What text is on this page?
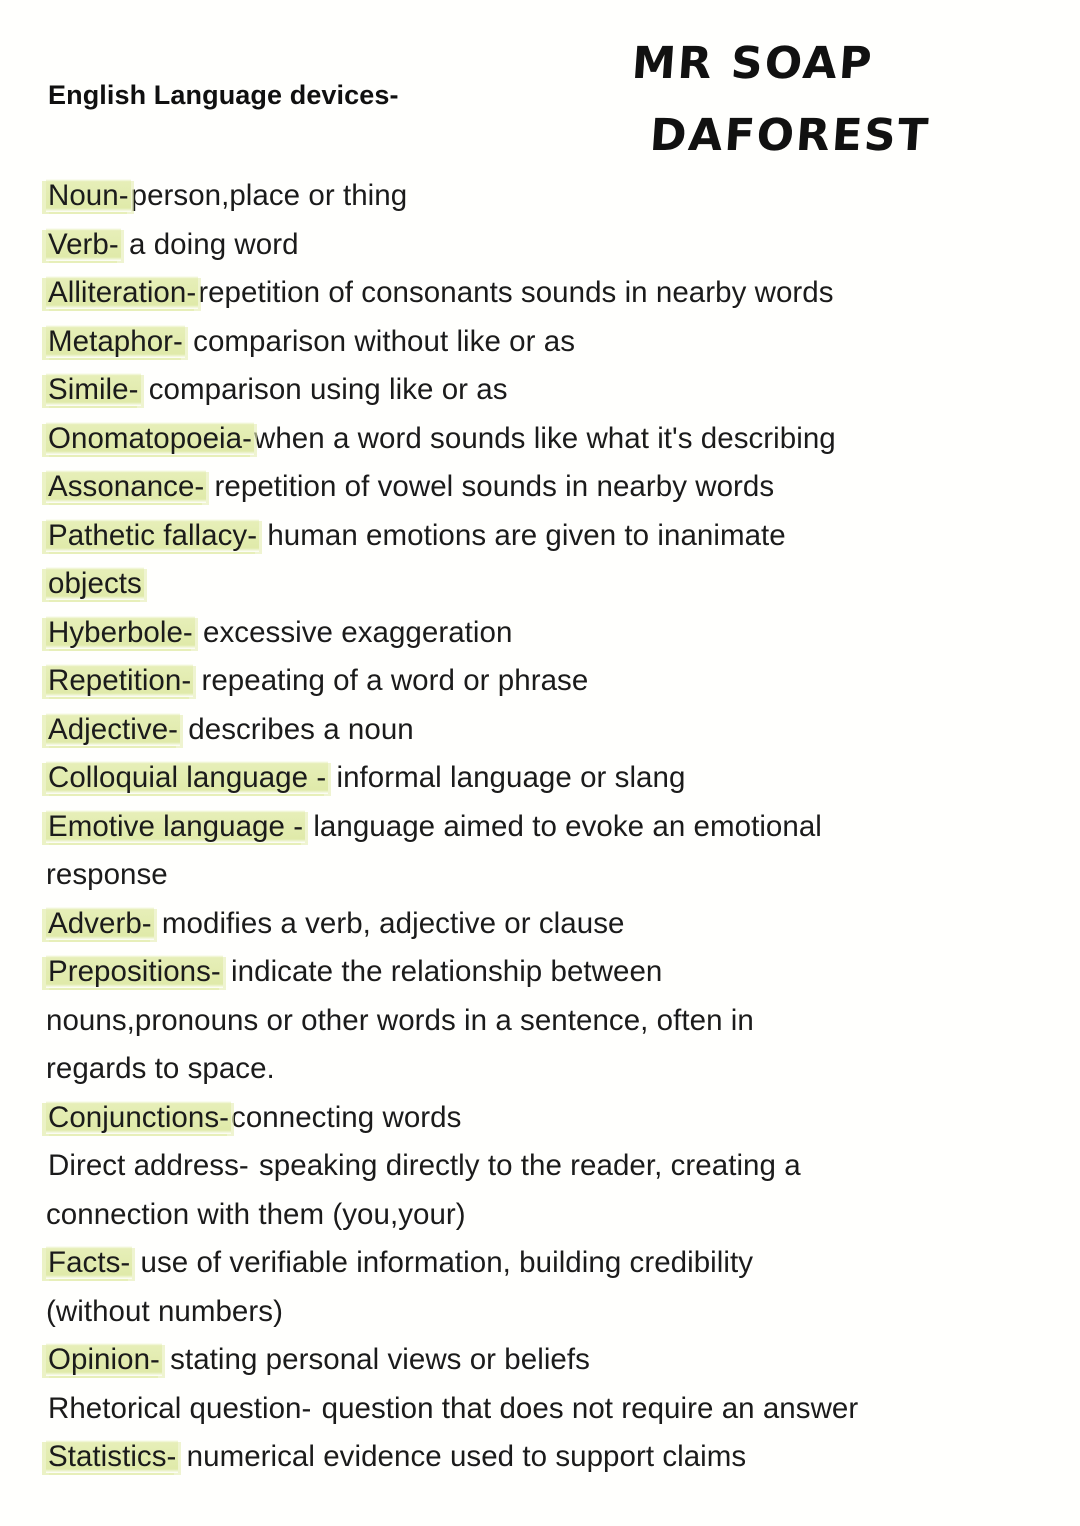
English Language devices-
MR SOAP
DAFOREST
Noun-person,place or thing
Verb- a doing word
Alliteration-repetition of consonants sounds in nearby words
Metaphor- comparison without like or as
Simile- comparison using like or as
Onomatopoeia-when a word sounds like what it's describing
Assonance- repetition of vowel sounds in nearby words
Pathetic fallacy- human emotions are given to inanimate
objects
Hyberbole- excessive exaggeration
Repetition- repeating of a word or phrase
Adjective- describes a noun
Colloquial language - informal language or slang
Emotive language - language aimed to evoke an emotional
response
Adverb- modifies a verb, adjective or clause
Prepositions- indicate the relationship between
nouns,pronouns or other words in a sentence, often in
regards to space.
Conjunctions-connecting words
Direct address- speaking directly to the reader, creating a
connection with them (you,your)
Facts- use of verifiable information, building credibility
(without numbers)
Opinion- stating personal views or beliefs
Rhetorical question- question that does not require an answer
Statistics- numerical evidence used to support claims
